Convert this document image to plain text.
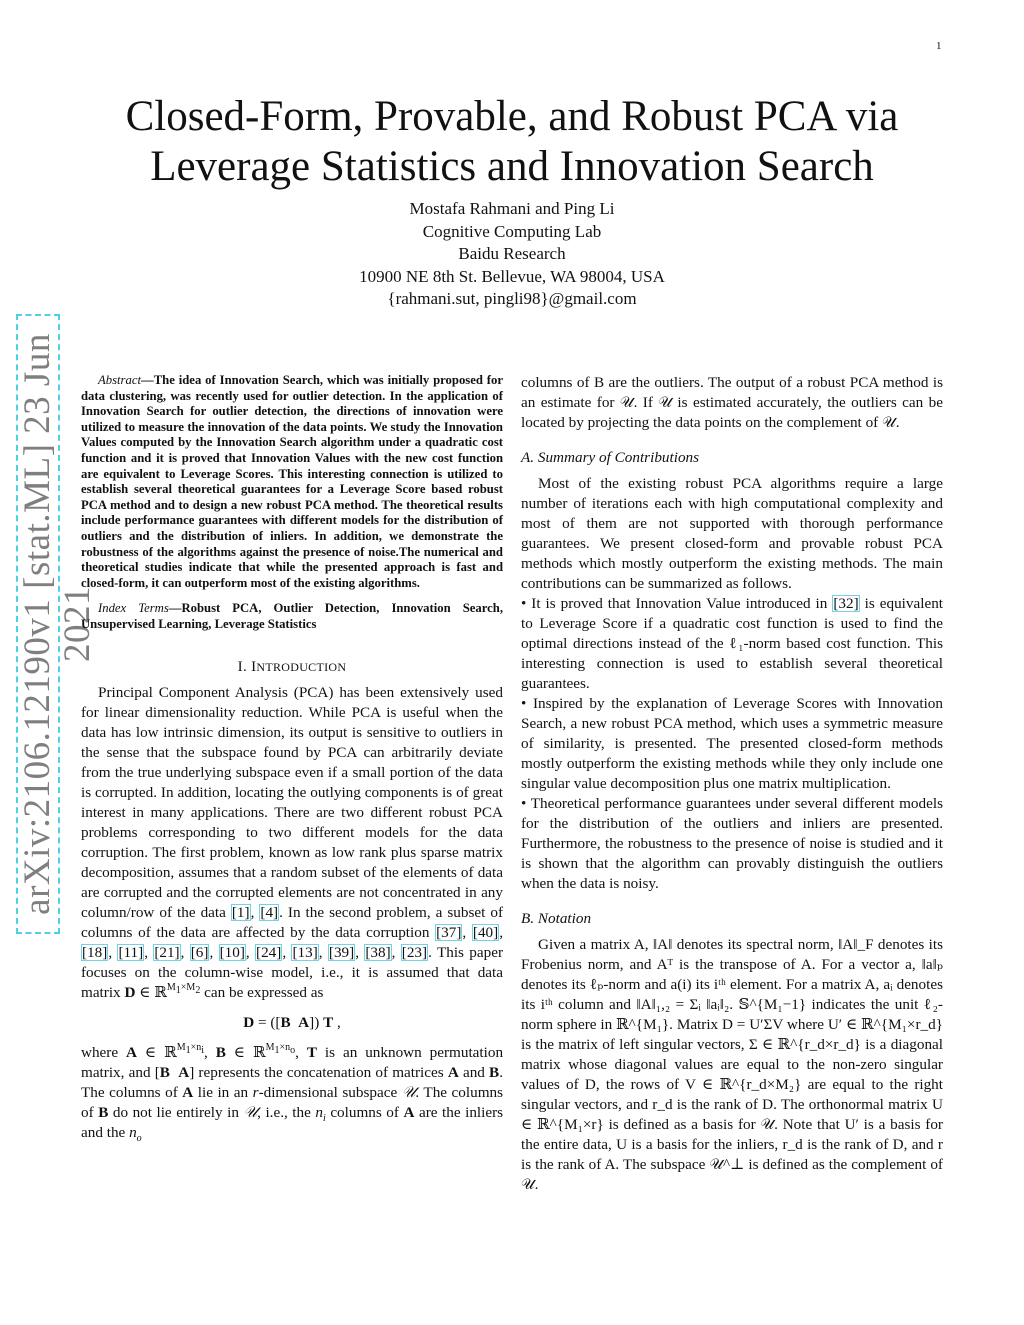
1
arXiv:2106.12190v1 [stat.ML] 23 Jun 2021
Closed-Form, Provable, and Robust PCA via
Leverage Statistics and Innovation Search
Mostafa Rahmani and Ping Li
Cognitive Computing Lab
Baidu Research
10900 NE 8th St. Bellevue, WA 98004, USA
{rahmani.sut, pingli98}@gmail.com

Abstract—The idea of Innovation Search, which was initially proposed for data clustering, was recently used for outlier detection. In the application of Innovation Search for outlier detection, the directions of innovation were utilized to measure the innovation of the data points. We study the Innovation Values computed by the Innovation Search algorithm under a quadratic cost function and it is proved that Innovation Values with the new cost function are equivalent to Leverage Scores. This interesting connection is utilized to establish several theoretical guarantees for a Leverage Score based robust PCA method and to design a new robust PCA method. The theoretical results include performance guarantees with different models for the distribution of outliers and the distribution of inliers. In addition, we demonstrate the robustness of the algorithms against the presence of noise.The numerical and theoretical studies indicate that while the presented approach is fast and closed-form, it can outperform most of the existing algorithms.

Index Terms—Robust PCA, Outlier Detection, Innovation Search, Unsupervised Learning, Leverage Statistics

I. INTRODUCTION

Principal Component Analysis (PCA) has been extensively used for linear dimensionality reduction. While PCA is useful when the data has low intrinsic dimension, its output is sensitive to outliers in the sense that the subspace found by PCA can arbitrarily deviate from the true underlying subspace even if a small portion of the data is corrupted. In addition, locating the outlying components is of great interest in many applications. There are two different robust PCA problems corresponding to two different models for the data corruption. The first problem, known as low rank plus sparse matrix decomposition, assumes that a random subset of the elements of data are corrupted and the corrupted elements are not concentrated in any column/row of the data [1], [4]. In the second problem, a subset of columns of the data are affected by the data corruption [37], [40], [18], [11], [21], [6], [10], [24], [13], [39], [38], [23]. This paper focuses on the column-wise model, i.e., it is assumed that data matrix D ∈ ℝ$^{M_1\times M_2}$ can be expressed as

D = ([B A]) T ,

where A ∈ ℝ$^{M_1\times n_i}$, B ∈ ℝ$^{M_1\times n_o}$, T is an unknown permutation matrix, and [B  A] represents the concatenation of matrices A and B. The columns of A lie in an r-dimensional subspace 𝒰. The columns of B do not lie entirely in 𝒰, i.e., the $n_i$ columns of A are the inliers and the $n_o$

columns of B are the outliers. The output of a robust PCA method is an estimate for 𝒰. If 𝒰 is estimated accurately, the outliers can be located by projecting the data points on the complement of 𝒰.

A. Summary of Contributions

Most of the existing robust PCA algorithms require a large number of iterations each with high computational complexity and most of them are not supported with thorough performance guarantees. We present closed-form and provable robust PCA methods which mostly outperform the existing methods. The main contributions can be summarized as follows.

• It is proved that Innovation Value introduced in [32] is equivalent to Leverage Score if a quadratic cost function is used to find the optimal directions instead of the ℓ₁-norm based cost function. This interesting connection is used to establish several theoretical guarantees.

• Inspired by the explanation of Leverage Scores with Innovation Search, a new robust PCA method, which uses a symmetric measure of similarity, is presented. The presented closed-form methods mostly outperform the existing methods while they only include one singular value decomposition plus one matrix multiplication.

• Theoretical performance guarantees under several different models for the distribution of the outliers and inliers are presented. Furthermore, the robustness to the presence of noise is studied and it is shown that the algorithm can provably distinguish the outliers when the data is noisy.

B. Notation

Given a matrix A, ‖A‖ denotes its spectral norm, ‖A‖_F denotes its Frobenius norm, and Aᵀ is the transpose of A. For a vector a, ‖a‖ₚ denotes its ℓₚ-norm and a(i) its iᵗʰ element. For a matrix A, aᵢ denotes its iᵗʰ column and ‖A‖₁,₂ = Σᵢ ‖aᵢ‖₂. 𝕊^{M₁−1} indicates the unit ℓ₂-norm sphere in ℝ^{M₁}. Matrix D = U′ΣV where U′ ∈ ℝ^{M₁×r_d} is the matrix of left singular vectors, Σ ∈ ℝ^{r_d×r_d} is a diagonal matrix whose diagonal values are equal to the non-zero singular values of D, the rows of V ∈ ℝ^{r_d×M₂} are equal to the right singular vectors, and r_d is the rank of D. The orthonormal matrix U ∈ ℝ^{M₁×r} is defined as a basis for 𝒰. Note that U′ is a basis for the entire data, U is a basis for the inliers, r_d is the rank of D, and r is the rank of A. The subspace 𝒰^⊥ is defined as the complement of 𝒰.
